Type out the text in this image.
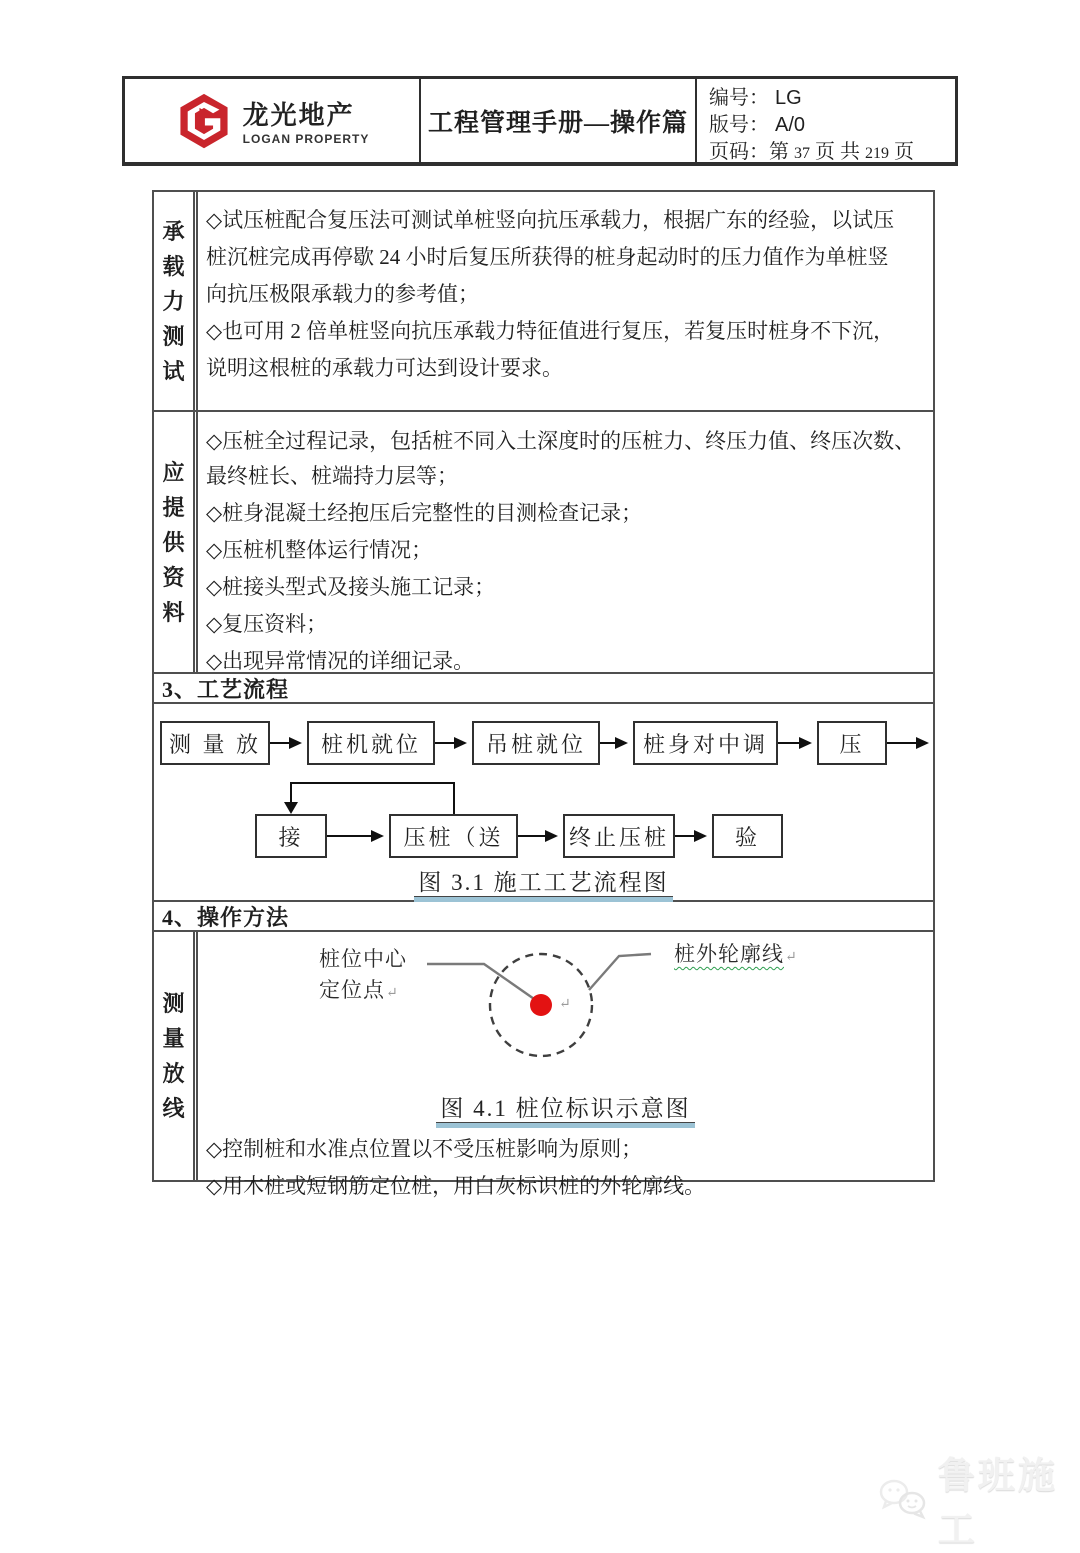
龙光地产
LOGAN PROPERTY
工程管理手册—操作篇
编号： LG
版号： A/0
页码：第 37 页 共 219 页
承载力测试
◇试压桩配合复压法可测试单桩竖向抗压承载力，根据广东的经验，以试压
桩沉桩完成再停歇 24 小时后复压所获得的桩身起动时的压力值作为单桩竖
向抗压极限承载力的参考值；
◇也可用 2 倍单桩竖向抗压承载力特征值进行复压，若复压时桩身不下沉，
说明这根桩的承载力可达到设计要求。
应提供资料
◇压桩全过程记录，包括桩不同入土深度时的压桩力、终压力值、终压次数、
最终桩长、桩端持力层等；
◇桩身混凝土经抱压后完整性的目测检查记录；
◇压桩机整体运行情况；
◇桩接头型式及接头施工记录；
◇复压资料；
◇出现异常情况的详细记录。
3、工艺流程
测 量 放	桩机就位	吊桩就位	桩身对中调	压
接	压桩（送	终止压桩	验
图 3.1 施工工艺流程图
4、操作方法
测量放线
桩位中心
定位点↵
桩外轮廓线↵
↵
图 4.1 桩位标识示意图
◇控制桩和水准点位置以不受压桩影响为原则；
◇用木桩或短钢筋定位桩，用白灰标识桩的外轮廓线。
鲁班施工
